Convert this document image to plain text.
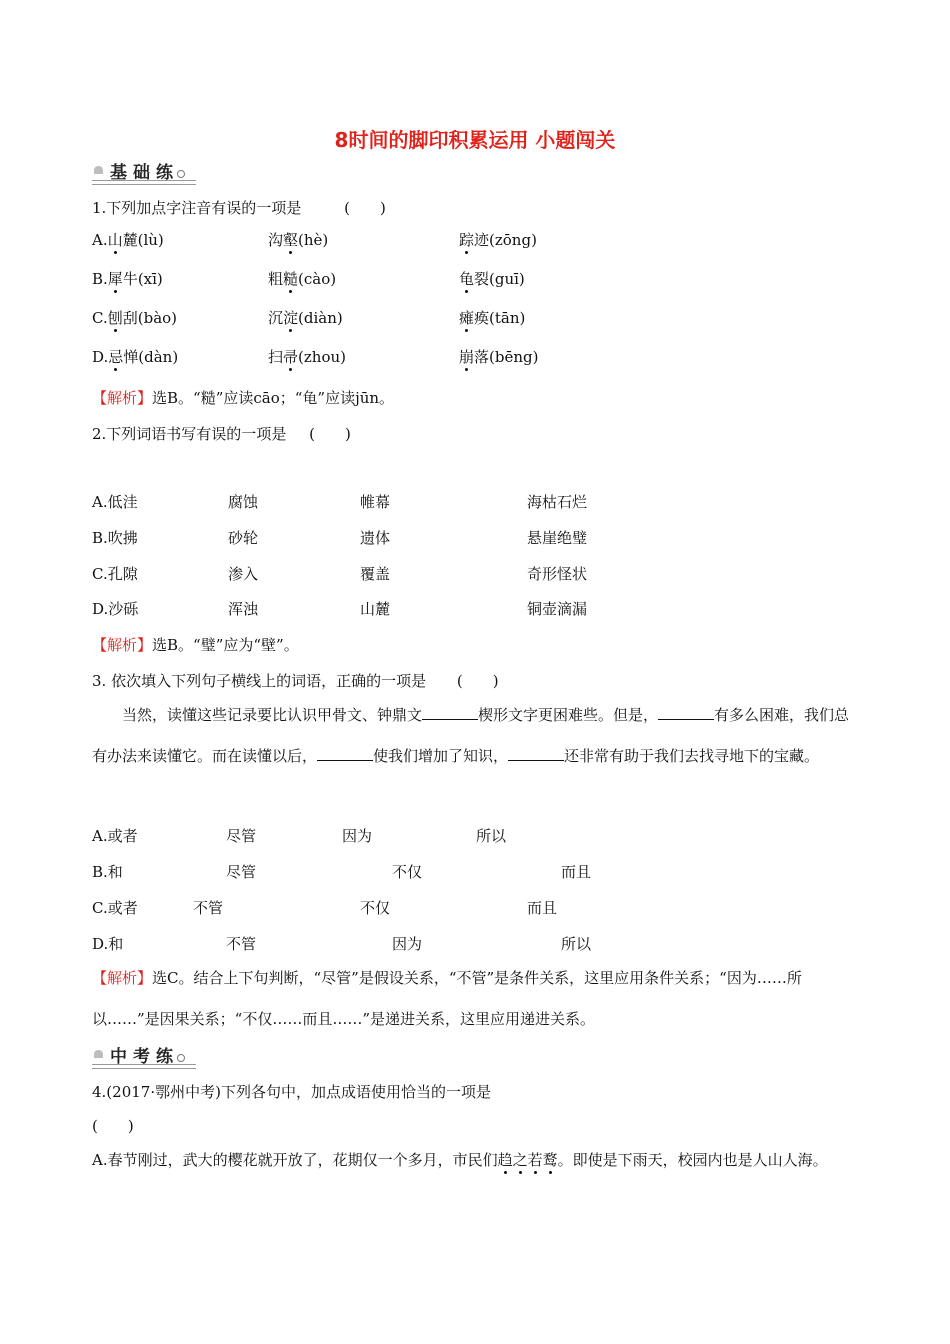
8时间的脚印积累运用 小题闯关
基础练
1.下列加点字注音有误的一项是	(　　)
A.山麓(lù)	沟壑(hè)	踪迹(zōng)
B.犀牛(xī)	粗糙(cào)	龟裂(guī)
C.刨刮(bào)	沉淀(diàn)	瘫痪(tān)
D.忌惮(dàn)	扫帚(zhou)	崩落(bēng)
【解析】选B。“糙”应读cāo；“龟”应读jūn。
2.下列词语书写有误的一项是 (　　)
A.低洼	腐蚀	帷幕	海枯石烂
B.吹拂	砂轮	遗体	悬崖绝璧
C.孔隙	渗入	覆盖	奇形怪状
D.沙砾	浑浊	山麓	铜壶滴漏
【解析】选B。“璧”应为“壁”。
3. 依次填入下列句子横线上的词语，正确的一项是 (　　)
当然，读懂这些记录要比认识甲骨文、钟鼎文	楔形文字更困难些。但是，	有多么困难，我们总有办法来读懂它。而在读懂以后，	使我们增加了知识，	还非常有助于我们去找寻地下的宝藏。
A.或者	尽管	因为	所以
B.和	尽管	不仅	而且
C.或者	不管	不仅	而且
D.和	不管	因为	所以
【解析】选C。结合上下句判断，“尽管”是假设关系，“不管”是条件关系，这里应用条件关系；“因为……所以……”是因果关系；“不仅……而且……”是递进关系，这里应用递进关系。
中考练
4.(2017·鄂州中考)下列各句中，加点成语使用恰当的一项是
(　　)
A.春节刚过，武大的樱花就开放了，花期仅一个多月，市民们趋之若鹜。即使是下雨天，校园内也是人山人海。
